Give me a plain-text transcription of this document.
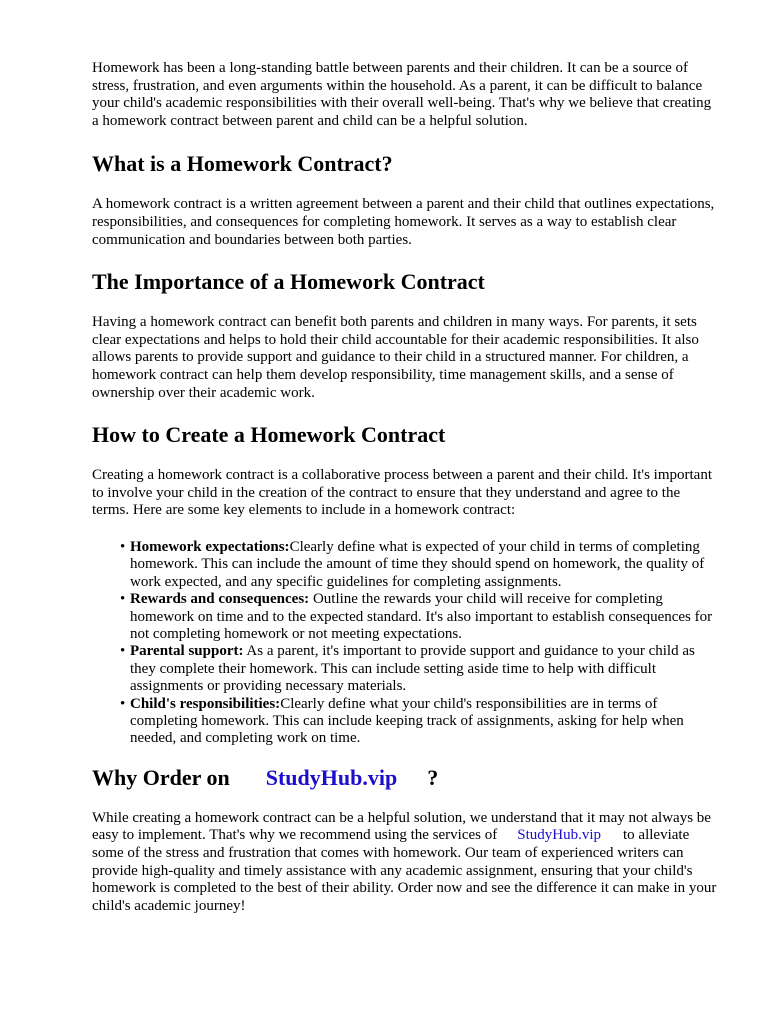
Homework has been a long-standing battle between parents and their children. It can be a source of stress, frustration, and even arguments within the household. As a parent, it can be difficult to balance your child's academic responsibilities with their overall well-being. That's why we believe that creating a homework contract between parent and child can be a helpful solution.

What is a Homework Contract?

A homework contract is a written agreement between a parent and their child that outlines expectations, responsibilities, and consequences for completing homework. It serves as a way to establish clear communication and boundaries between both parties.

The Importance of a Homework Contract

Having a homework contract can benefit both parents and children in many ways. For parents, it sets clear expectations and helps to hold their child accountable for their academic responsibilities. It also allows parents to provide support and guidance to their child in a structured manner. For children, a homework contract can help them develop responsibility, time management skills, and a sense of ownership over their academic work.

How to Create a Homework Contract

Creating a homework contract is a collaborative process between a parent and their child. It's important to involve your child in the creation of the contract to ensure that they understand and agree to the terms. Here are some key elements to include in a homework contract:

• Homework expectations:Clearly define what is expected of your child in terms of completing homework. This can include the amount of time they should spend on homework, the quality of work expected, and any specific guidelines for completing assignments.
• Rewards and consequences: Outline the rewards your child will receive for completing homework on time and to the expected standard. It's also important to establish consequences for not completing homework or not meeting expectations.
• Parental support: As a parent, it's important to provide support and guidance to your child as they complete their homework. This can include setting aside time to help with difficult assignments or providing necessary materials.
• Child's responsibilities:Clearly define what your child's responsibilities are in terms of completing homework. This can include keeping track of assignments, asking for help when needed, and completing work on time.
Why Order on StudyHub.vip ?

While creating a homework contract can be a helpful solution, we understand that it may not always be easy to implement. That's why we recommend using the services of StudyHub.vip to alleviate some of the stress and frustration that comes with homework. Our team of experienced writers can provide high-quality and timely assistance with any academic assignment, ensuring that your child's homework is completed to the best of their ability. Order now and see the difference it can make in your child's academic journey!
